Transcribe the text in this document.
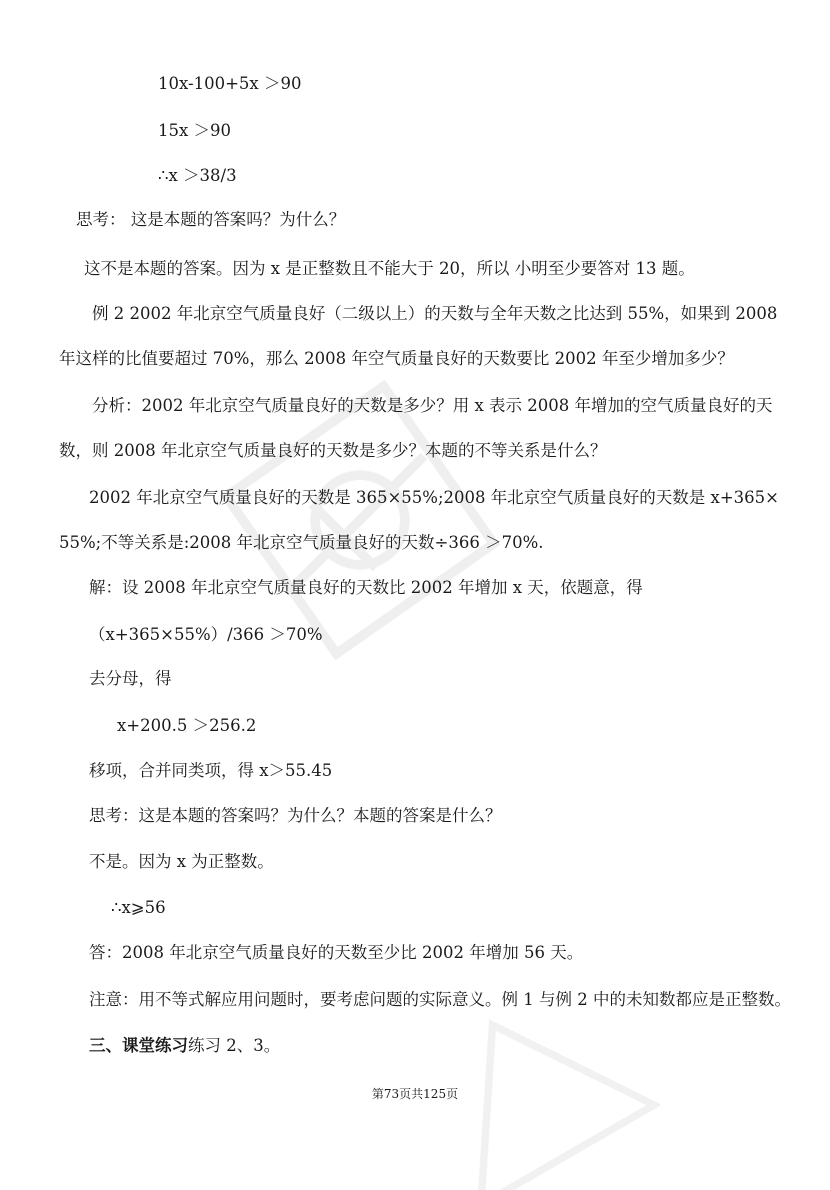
10x-100+5x ＞90
15x ＞90
∴x ＞38/3
思考： 这是本题的答案吗？为什么？
这不是本题的答案。因为 x 是正整数且不能大于 20，所以 小明至少要答对 13 题。
例 2 2002 年北京空气质量良好（二级以上）的天数与全年天数之比达到 55%，如果到 2008
年这样的比值要超过 70%，那么 2008 年空气质量良好的天数要比 2002 年至少增加多少？
分析：2002 年北京空气质量良好的天数是多少？用 x 表示 2008 年增加的空气质量良好的天
数，则 2008 年北京空气质量良好的天数是多少？本题的不等关系是什么？
2002 年北京空气质量良好的天数是 365×55%;2008 年北京空气质量良好的天数是 x+365×
55%;不等关系是:2008 年北京空气质量良好的天数÷366 ＞70%.
解：设 2008 年北京空气质量良好的天数比 2002 年增加 x 天，依题意，得
（x+365×55%）/366 ＞70%
去分母，得
x+200.5 ＞256.2
移项，合并同类项，得 x＞55.45
思考：这是本题的答案吗？为什么？本题的答案是什么？
不是。因为 x 为正整数。
∴x⩾56
答：2008 年北京空气质量良好的天数至少比 2002 年增加 56 天。
注意：用不等式解应用问题时，要考虑问题的实际意义。例 1 与例 2 中的未知数都应是正整数。
三、课堂练习练习 2、3。
第73页共125页
